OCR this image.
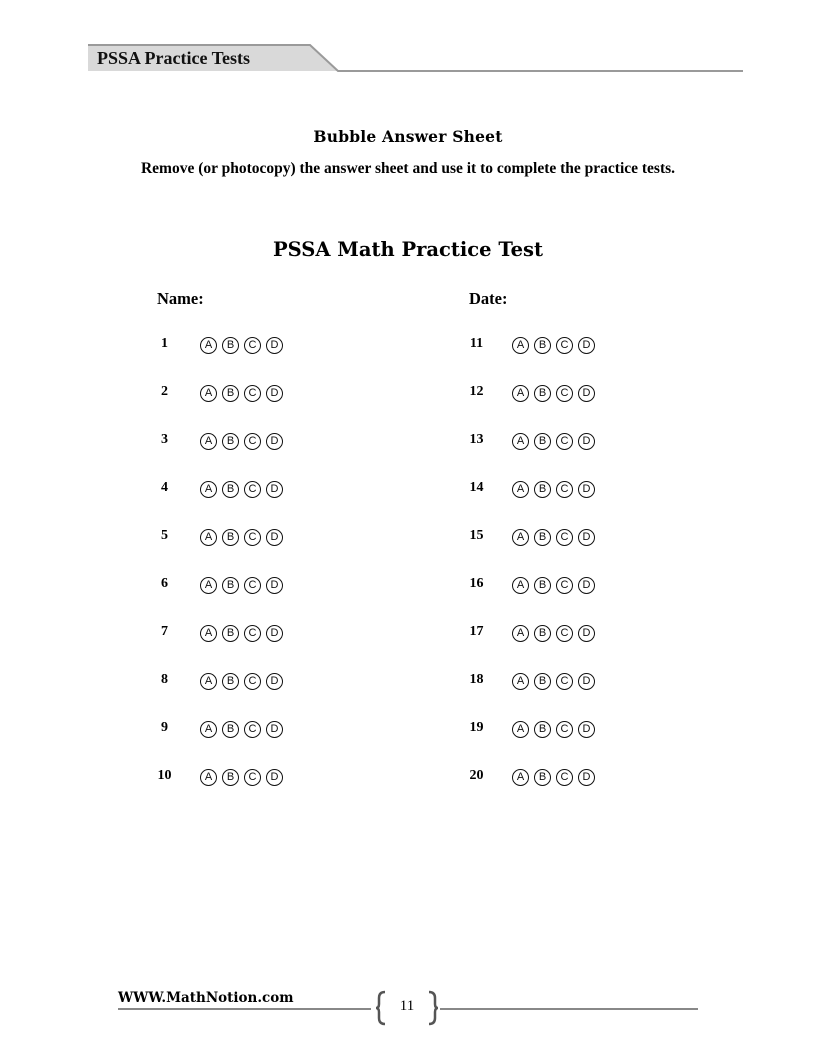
PSSA Practice Tests
Bubble Answer Sheet
Remove (or photocopy) the answer sheet and use it to complete the practice tests.
PSSA Math Practice Test
Name:	Date:
1	A	B	C	D
2	A	B	C	D
3	A	B	C	D
4	A	B	C	D
5	A	B	C	D
6	A	B	C	D
7	A	B	C	D
8	A	B	C	D
9	A	B	C	D
10	A	B	C	D
11	A	B	C	D
12	A	B	C	D
13	A	B	C	D
14	A	B	C	D
15	A	B	C	D
16	A	B	C	D
17	A	B	C	D
18	A	B	C	D
19	A	B	C	D
20	A	B	C	D
WWW.MathNotion.com	11
